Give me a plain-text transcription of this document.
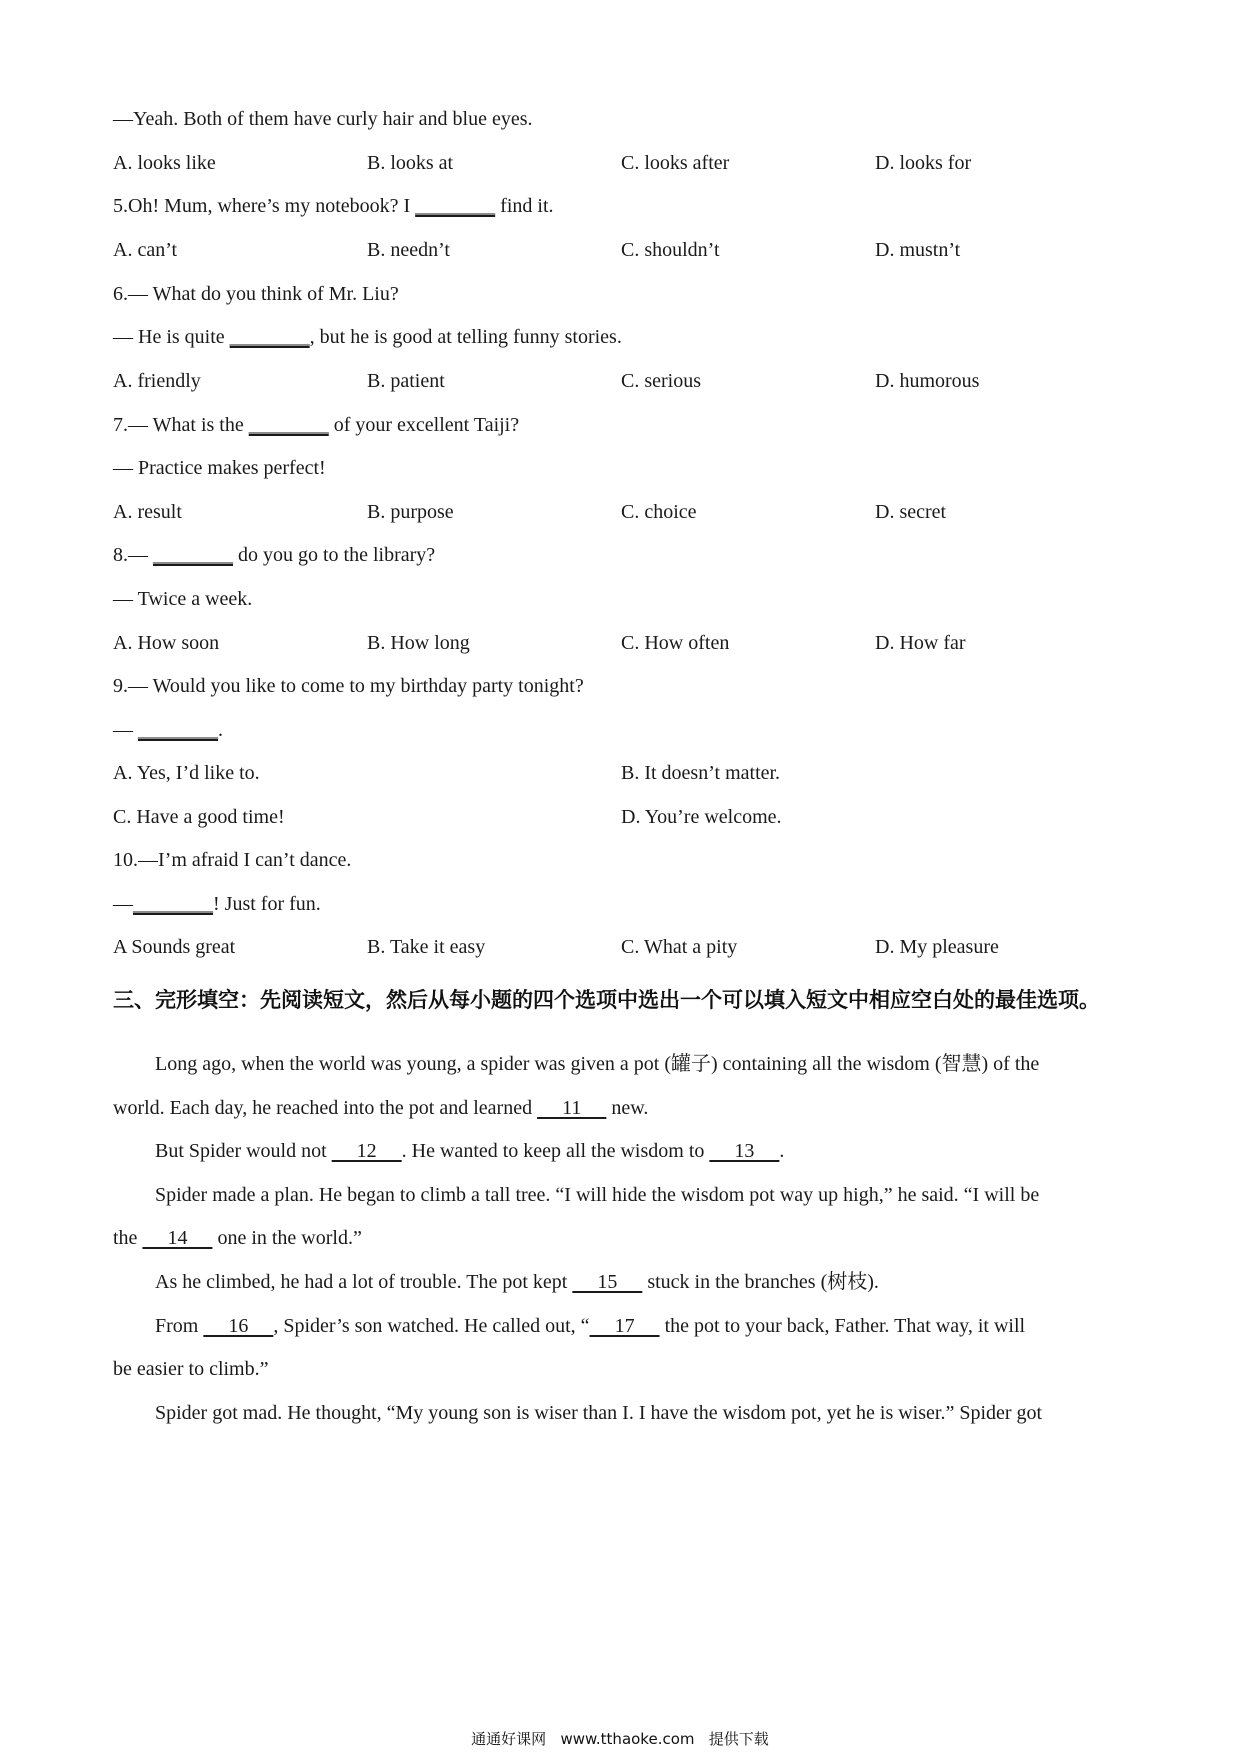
—Yeah. Both of them have curly hair and blue eyes.
A. looks like	B. looks at	C. looks after	D. looks for
5.Oh! Mum, where’s my notebook? I ________ find it.
A. can’t	B. needn’t	C. shouldn’t	D. mustn’t
6.— What do you think of Mr. Liu?
— He is quite ________, but he is good at telling funny stories.
A. friendly	B. patient	C. serious	D. humorous
7.— What is the ________ of your excellent Taiji?
— Practice makes perfect!
A. result	B. purpose	C. choice	D. secret
8.— ________ do you go to the library?
— Twice a week.
A. How soon	B. How long	C. How often	D. How far
9.— Would you like to come to my birthday party tonight?
— ________.
A. Yes, I’d like to.	B. It doesn’t matter.
C. Have a good time!	D. You’re welcome.
10.—I’m afraid I can’t dance.
—________! Just for fun.
A Sounds great	B. Take it easy	C. What a pity	D. My pleasure
三、完形填空：先阅读短文，然后从每小题的四个选项中选出一个可以填入短文中相应空白处的最佳选项。
Long ago, when the world was young, a spider was given a pot (罐子) containing all the wisdom (智慧) of the
world. Each day, he reached into the pot and learned      11      new.
But Spider would not      12     . He wanted to keep all the wisdom to      13     .
Spider made a plan. He began to climb a tall tree. “I will hide the wisdom pot way up high,” he said. “I will be
the      14      one in the world.”
As he climbed, he had a lot of trouble. The pot kept      15      stuck in the branches (树枝).
From      16     , Spider’s son watched. He called out, “     17      the pot to your back, Father. That way, it will
be easier to climb.”
Spider got mad. He thought, “My young son is wiser than I. I have the wisdom pot, yet he is wiser.” Spider got
通通好课网   www.tthaoke.com   提供下载
